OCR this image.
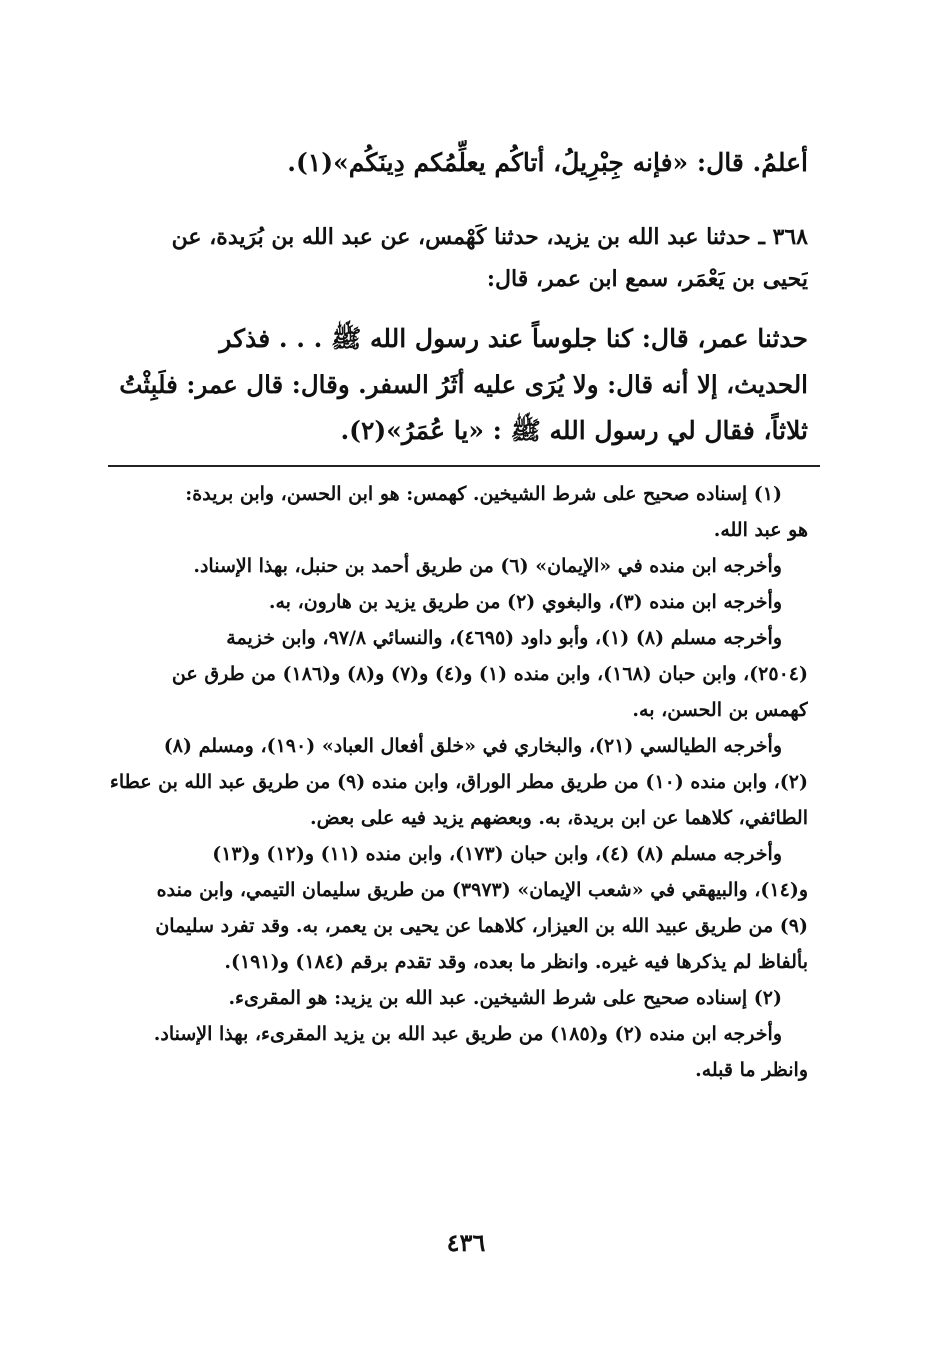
أعلمُ. قال: «فإنه جِبْرِيلُ، أتاكُم يعلِّمُكم دِينَكُم»(١).
٣٦٨ ـ حدثنا عبد الله بن يزيد، حدثنا كَهْمس، عن عبد الله بن بُرَيدة، عن
يَحيى بن يَعْمَر، سمع ابن عمر، قال:
حدثنا عمر، قال: كنا جلوساً عند رسول الله ﷺ . . . فذكر
الحديث، إلا أنه قال: ولا يُرَى عليه أثَرُ السفر. وقال: قال عمر: فلَبِثْتُ
ثلاثاً، فقال لي رسول الله ﷺ : «يا عُمَرُ»(٢).
(١) إسناده صحيح على شرط الشيخين. كهمس: هو ابن الحسن، وابن بريدة:
هو عبد الله.
وأخرجه ابن منده في «الإيمان» (٦) من طريق أحمد بن حنبل، بهذا الإسناد.
وأخرجه ابن منده (٣)، والبغوي (٢) من طريق يزيد بن هارون، به.
وأخرجه مسلم (٨) (١)، وأبو داود (٤٦٩٥)، والنسائي ٩٧/٨، وابن خزيمة
(٢٥٠٤)، وابن حبان (١٦٨)، وابن منده (١) و(٤) و(٧) و(٨) و(١٨٦) من طرق عن
كهمس بن الحسن، به.
وأخرجه الطيالسي (٢١)، والبخاري في «خلق أفعال العباد» (١٩٠)، ومسلم (٨)
(٢)، وابن منده (١٠) من طريق مطر الوراق، وابن منده (٩) من طريق عبد الله بن عطاء
الطائفي، كلاهما عن ابن بريدة، به. وبعضهم يزيد فيه على بعض.
وأخرجه مسلم (٨) (٤)، وابن حبان (١٧٣)، وابن منده (١١) و(١٢) و(١٣)
و(١٤)، والبيهقي في «شعب الإيمان» (٣٩٧٣) من طريق سليمان التيمي، وابن منده
(٩) من طريق عبيد الله بن العيزار، كلاهما عن يحيى بن يعمر، به. وقد تفرد سليمان
بألفاظ لم يذكرها فيه غيره. وانظر ما بعده، وقد تقدم برقم (١٨٤) و(١٩١).
(٢) إسناده صحيح على شرط الشيخين. عبد الله بن يزيد: هو المقرىء.
وأخرجه ابن منده (٢) و(١٨٥) من طريق عبد الله بن يزيد المقرىء، بهذا الإسناد.
وانظر ما قبله.
٤٣٦
